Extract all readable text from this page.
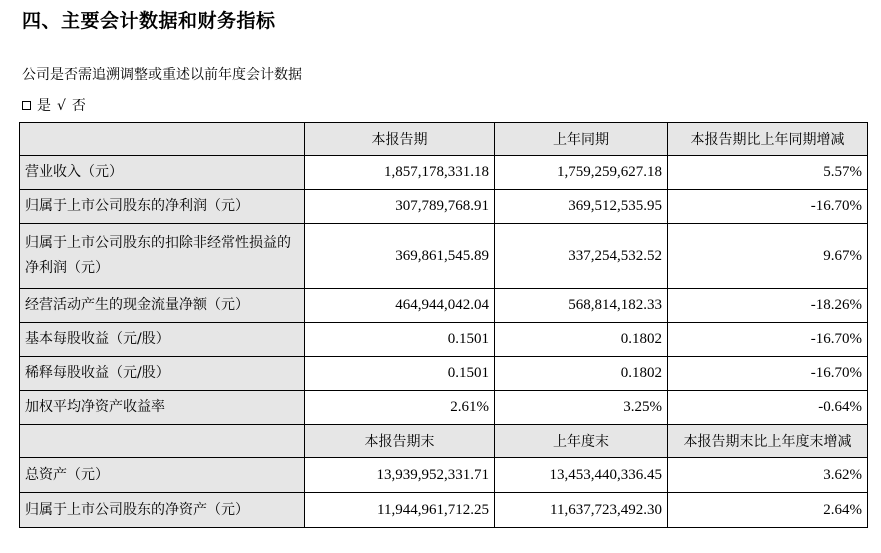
四、主要会计数据和财务指标
公司是否需追溯调整或重述以前年度会计数据
是 √ 否
	本报告期	上年同期	本报告期比上年同期增减
营业收入（元）	1,857,178,331.18	1,759,259,627.18	5.57%
归属于上市公司股东的净利润（元）	307,789,768.91	369,512,535.95	-16.70%
归属于上市公司股东的扣除非经常性损益的净利润（元）	369,861,545.89	337,254,532.52	9.67%
经营活动产生的现金流量净额（元）	464,944,042.04	568,814,182.33	-18.26%
基本每股收益（元/股）	0.1501	0.1802	-16.70%
稀释每股收益（元/股）	0.1501	0.1802	-16.70%
加权平均净资产收益率	2.61%	3.25%	-0.64%
	本报告期末	上年度末	本报告期末比上年度末增减
总资产（元）	13,939,952,331.71	13,453,440,336.45	3.62%
归属于上市公司股东的净资产（元）	11,944,961,712.25	11,637,723,492.30	2.64%
